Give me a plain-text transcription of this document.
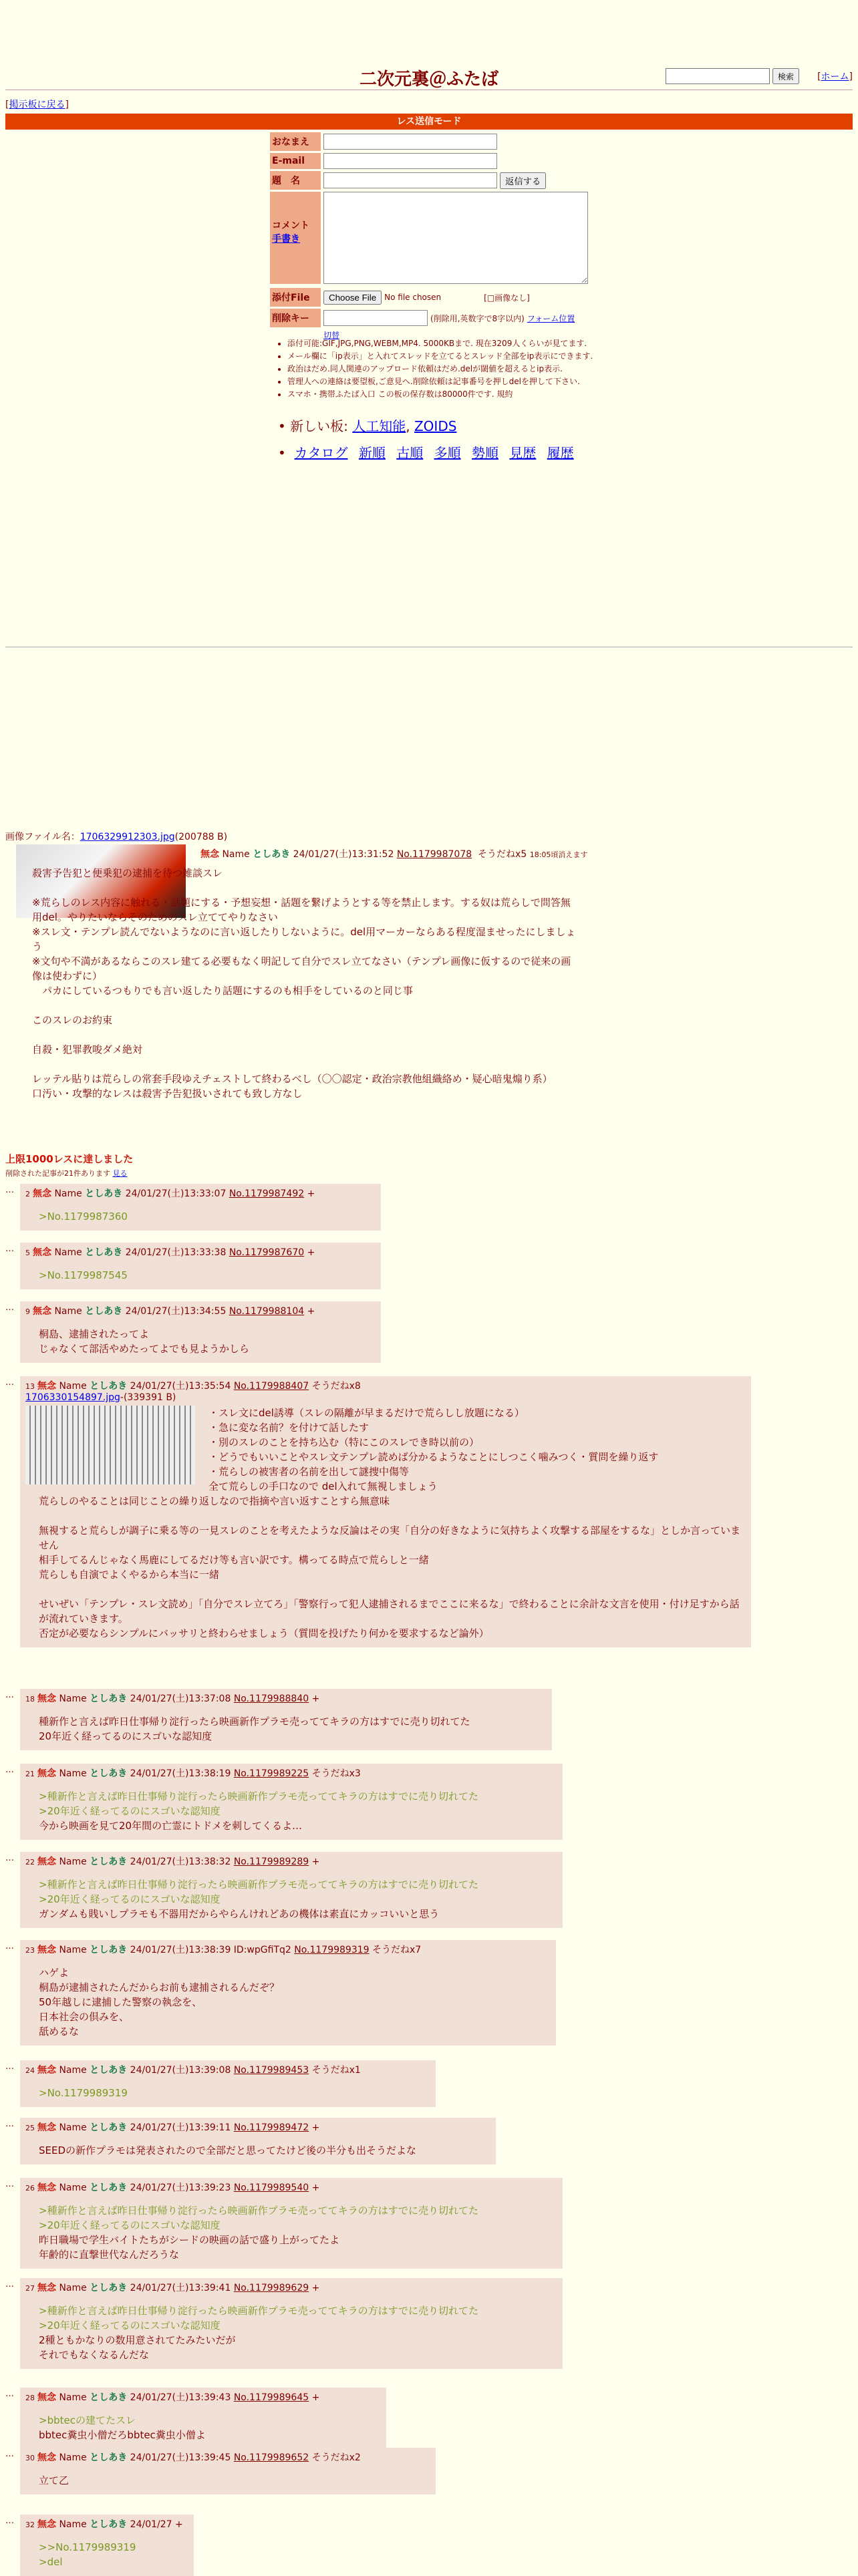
二次元裏＠ふたば	検索	[ホーム]
[掲示板に戻る]
レス送信モード
おなまえ
E-mail
題　名	返信する
コメント
手書き
添付File	Choose File	No file chosen	[□画像なし]
削除キー	(削除用,英数字で8字以内) フォーム位置
切替
• 添付可能:GIF,JPG,PNG,WEBM,MP4. 5000KBまで. 現在3209人くらいが見てます.
• メール欄に「ip表示」と入れてスレッドを立てるとスレッド全部をip表示にできます.
• 政治はだめ.同人関連のアップロード依頼はだめ.delが閾値を超えるとip表示.
• 管理人への連絡は要望板,ご意見へ.削除依頼は記事番号を押しdelを押して下さい.
• スマホ・携帯ふたば入口 この板の保存数は80000件です. 規約
• 新しい板: 人工知能, ZOIDS
•  カタログ 新順 古順 多順 勢順 見歴 履歴
画像ファイル名：1706329912303.jpg(200788 B)
無念 Name としあき 24/01/27(土)13:31:52 No.1179987078 そうだねx5 18:05頃消えます
殺害予告犯と便乗犯の逮捕を待つ雑談スレ

※荒らしのレス内容に触れる・話題にする・予想妄想・話題を繋げようとする等を禁止します。する奴は荒らしで問答無用del。やりたいならそのためのスレ立ててやりなさい
※スレ文・テンプレ読んでないようなのに言い返したりしないように。del用マーカーならある程度湿ませったにしましょう
※文句や不満があるならこのスレ建てる必要もなく明記して自分でスレ立てなさい（テンプレ画像に仮するので従来の画像は使わずに）
　パカにしているつもりでも言い返したり話題にするのも相手をしているのと同じ事

このスレのお約束

自殺・犯罪教唆ダメ絶対

レッテル貼りは荒らしの常套手段ゆえチェストして終わるべし（〇〇認定・政治宗教他組織絡め・疑心暗鬼煽り系）
口汚い・攻撃的なレスは殺害予告犯扱いされても致し方なし
上限1000レスに達しました
削除された記事が21件あります 見る
…	2 無念 Name としあき 24/01/27(土)13:33:07 No.1179987492 +
>No.1179987360
…	5 無念 Name としあき 24/01/27(土)13:33:38 No.1179987670 +
>No.1179987545
…	9 無念 Name としあき 24/01/27(土)13:34:55 No.1179988104 +
桐島、逮捕されたってよ
じゃなくて部活やめたってよでも見ようかしら
…	13 無念 Name としあき 24/01/27(土)13:35:54 No.1179988407 そうだねx8
1706330154897.jpg-(339391 B)
・スレ文にdel誘導（スレの隔離が早まるだけで荒らしし放題になる）
・急に変な名前？を付けて話したす
・別のスレのことを持ち込む（特にこのスレでき時以前の）
・どうでもいいことやスレ文テンプレ読めば分かるようなことにしつこく噛みつく・質問を繰り返す
・荒らしの被害者の名前を出して謎捜中傷等
全て荒らしの手口なので del入れて無視しましょう
荒らしのやることは同じことの繰り返しなので指摘や言い返すことすら無意味

無視すると荒らしが調子に乗る等の一見スレのことを考えたような反論はその実「自分の好きなように気持ちよく攻撃する部屋をするな」としか言っていません
相手してるんじゃなく馬鹿にしてるだけ等も言い訳です。構ってる時点で荒らしと一緒
荒らしも自演でよくやるから本当に一緒

せいぜい「テンプレ・スレ文読め」「自分でスレ立てろ」「警察行って犯人逮捕されるまでここに来るな」で終わることに余計な文言を使用・付け足すから話が流れていきます。
否定が必要ならシンプルにバッサリと終わらせましょう（質問を投げたり何かを要求するなど論外）
…	18 無念 Name としあき 24/01/27(土)13:37:08 No.1179988840 +
種新作と言えば昨日仕事帰り淀行ったら映画新作プラモ売っててキラの方はすでに売り切れてた
20年近く経ってるのにスゴいな認知度
…	21 無念 Name としあき 24/01/27(土)13:38:19 No.1179989225 そうだねx3
>種新作と言えば昨日仕事帰り淀行ったら映画新作プラモ売っててキラの方はすでに売り切れてた
>20年近く経ってるのにスゴいな認知度
今から映画を見て20年間の亡霊にトドメを刺してくるよ…
…	22 無念 Name としあき 24/01/27(土)13:38:32 No.1179989289 +
>種新作と言えば昨日仕事帰り淀行ったら映画新作プラモ売っててキラの方はすでに売り切れてた
>20年近く経ってるのにスゴいな認知度
ガンダムも賎いしプラモも不器用だからやらんけれどあの機体は素直にカッコいいと思う
…	23 無念 Name としあき 24/01/27(土)13:38:39 ID:wpGfiTq2 No.1179989319 そうだねx7
ハゲよ
桐島が逮捕されたんだからお前も逮捕されるんだぞ？
50年越しに逮捕した警察の執念を、
日本社会の倶みを、
舐めるな
…	24 無念 Name としあき 24/01/27(土)13:39:08 No.1179989453 そうだねx1
>No.1179989319
…	25 無念 Name としあき 24/01/27(土)13:39:11 No.1179989472 +
SEEDの新作プラモは発表されたので全部だと思ってたけど後の半分も出そうだよな
…	26 無念 Name としあき 24/01/27(土)13:39:23 No.1179989540 +
>種新作と言えば昨日仕事帰り淀行ったら映画新作プラモ売っててキラの方はすでに売り切れてた
>20年近く経ってるのにスゴいな認知度
昨日職場で学生バイトたちがシードの映画の話で盛り上がってたよ
年齢的に直撃世代なんだろうな
…	27 無念 Name としあき 24/01/27(土)13:39:41 No.1179989629 +
>種新作と言えば昨日仕事帰り淀行ったら映画新作プラモ売っててキラの方はすでに売り切れてた
>20年近く経ってるのにスゴいな認知度
2種ともかなりの数用意されてたみたいだが
それでもなくなるんだな
…	28 無念 Name としあき 24/01/27(土)13:39:43 No.1179989645 +
>bbtecの建てたスレ
bbtec糞虫小僧だろbbtec糞虫小僧よ
…	30 無念 Name としあき 24/01/27(土)13:39:45 No.1179989652 そうだねx2
立て乙
…	32 無念 Name としあき 24/01/27 +
>>No.1179989319
>del
